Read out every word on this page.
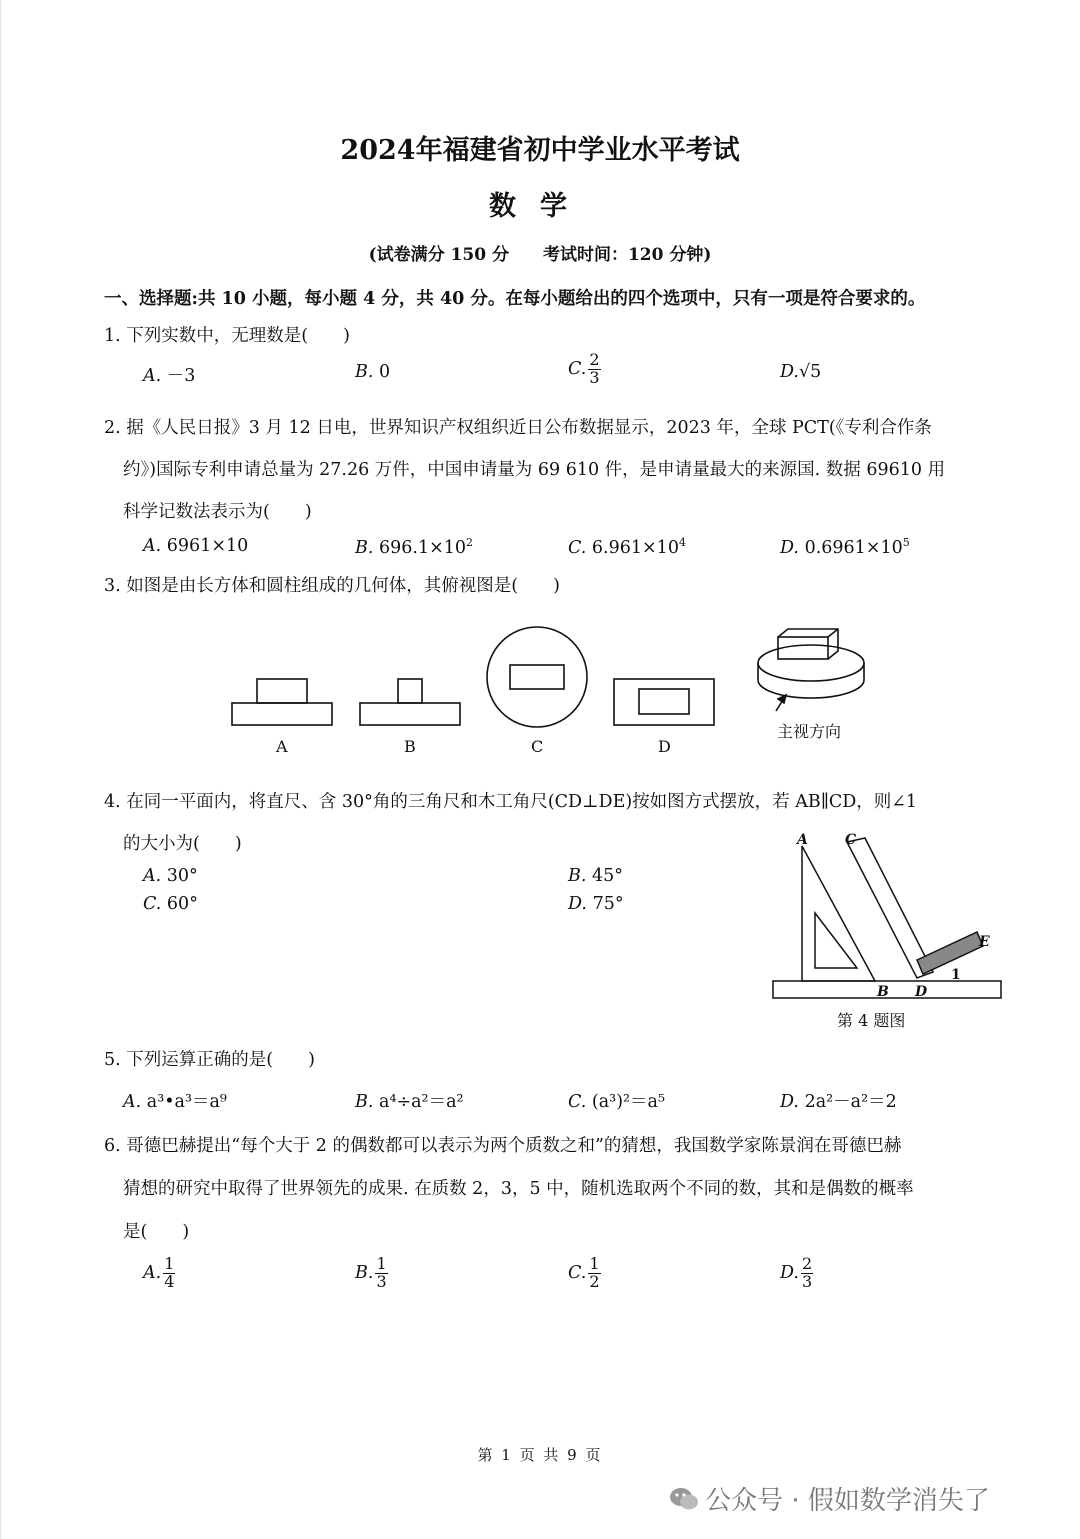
2024年福建省初中学业水平考试
数学
(试卷满分 150 分　　考试时间：120 分钟)
一、选择题:共 10 小题，每小题 4 分，共 40 分。在每小题给出的四个选项中，只有一项是符合要求的。
1. 下列实数中，无理数是(　　)
A. －3	B. 0	C. $\frac{2}{3}$	D.√5
2. 据《人民日报》3 月 12 日电，世界知识产权组织近日公布数据显示，2023 年，全球 PCT(《专利合作条
约》)国际专利申请总量为 27.26 万件，中国申请量为 69 610 件，是申请量最大的来源国. 数据 69610 用
科学记数法表示为(　　)
A. 6961×10	B. $696.1\times 10^2$	C. $6.961\times 10^4$	D. $0.6961\times 10^5$
3. 如图是由长方体和圆柱组成的几何体，其俯视图是(　　)
A	B	C	D
主视方向
4. 在同一平面内，将直尺、含 30°角的三角尺和木工角尺(CD⊥DE)按如图方式摆放，若 AB∥CD，则∠1
的大小为(　　)
A. 30°	B. 45°
C. 60°	D. 75°
A	C
E
B D
1
第 4 题图
5. 下列运算正确的是(　　)
A. a³•a³＝a⁹	B. a⁴÷a²＝a²	C. (a³)²＝a⁵	D. 2a²－a²＝2
6. 哥德巴赫提出“每个大于 2 的偶数都可以表示为两个质数之和”的猜想，我国数学家陈景润在哥德巴赫
猜想的研究中取得了世界领先的成果. 在质数 2，3，5 中，随机选取两个不同的数，其和是偶数的概率
是(　　)
A. $\frac{1}{4}$	B. $\frac{1}{3}$	C. $\frac{1}{2}$	D. $\frac{2}{3}$
第 1 页 共 9 页
公众号 · 假如数学消失了
